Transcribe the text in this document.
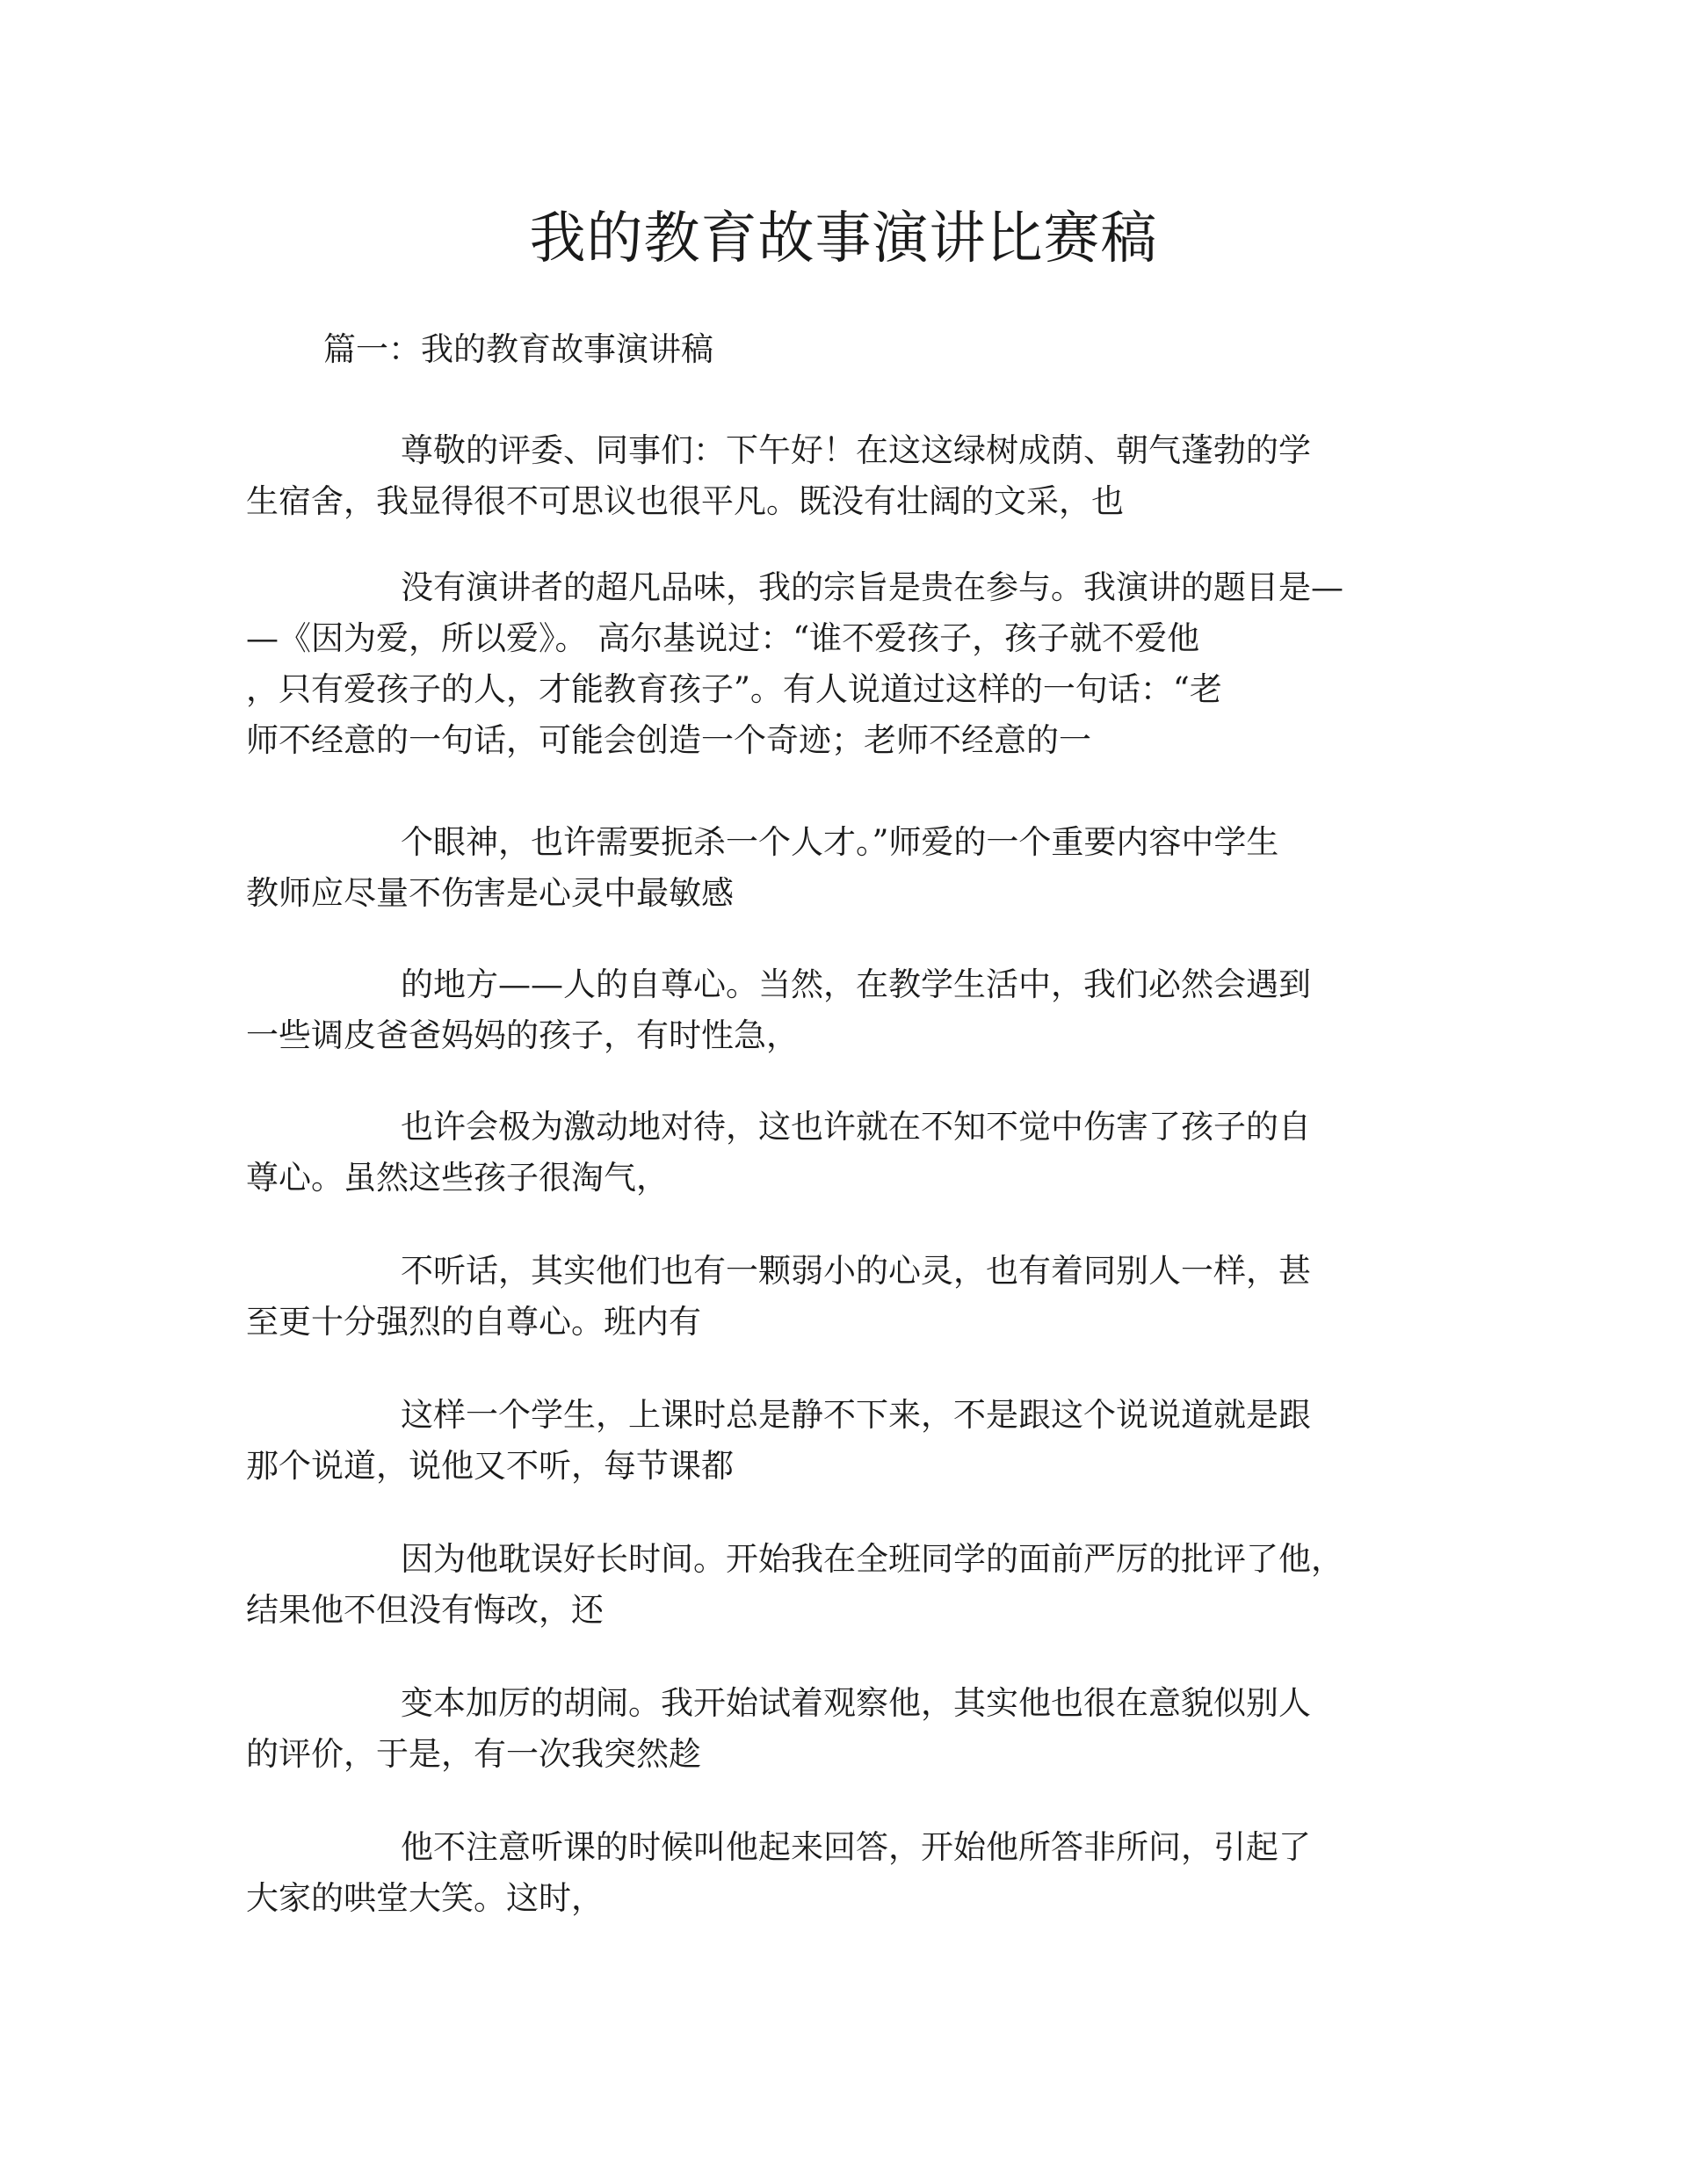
我的教育故事演讲比赛稿

篇一：我的教育故事演讲稿

尊敬的评委、同事们：下午好！在这这绿树成荫、朝气蓬勃的学
生宿舍，我显得很不可思议也很平凡。既没有壮阔的文采，也

没有演讲者的超凡品味，我的宗旨是贵在参与。我演讲的题目是—
—《因为爱，所以爱》。 高尔基说过：“谁不爱孩子，孩子就不爱他
，只有爱孩子的人，才能教育孩子”。有人说道过这样的一句话：“老
师不经意的一句话，可能会创造一个奇迹；老师不经意的一

个眼神，也许需要扼杀一个人才。”师爱的一个重要内容中学生
教师应尽量不伤害是心灵中最敏感

的地方——人的自尊心。当然，在教学生活中，我们必然会遇到
一些调皮爸爸妈妈的孩子，有时性急，

也许会极为激动地对待，这也许就在不知不觉中伤害了孩子的自
尊心。虽然这些孩子很淘气，

不听话，其实他们也有一颗弱小的心灵，也有着同别人一样，甚
至更十分强烈的自尊心。班内有

这样一个学生，上课时总是静不下来，不是跟这个说说道就是跟
那个说道，说他又不听，每节课都

因为他耽误好长时间。开始我在全班同学的面前严厉的批评了他，
结果他不但没有悔改，还

变本加厉的胡闹。我开始试着观察他，其实他也很在意貌似别人
的评价，于是，有一次我突然趁

他不注意听课的时候叫他起来回答，开始他所答非所问，引起了
大家的哄堂大笑。这时，
